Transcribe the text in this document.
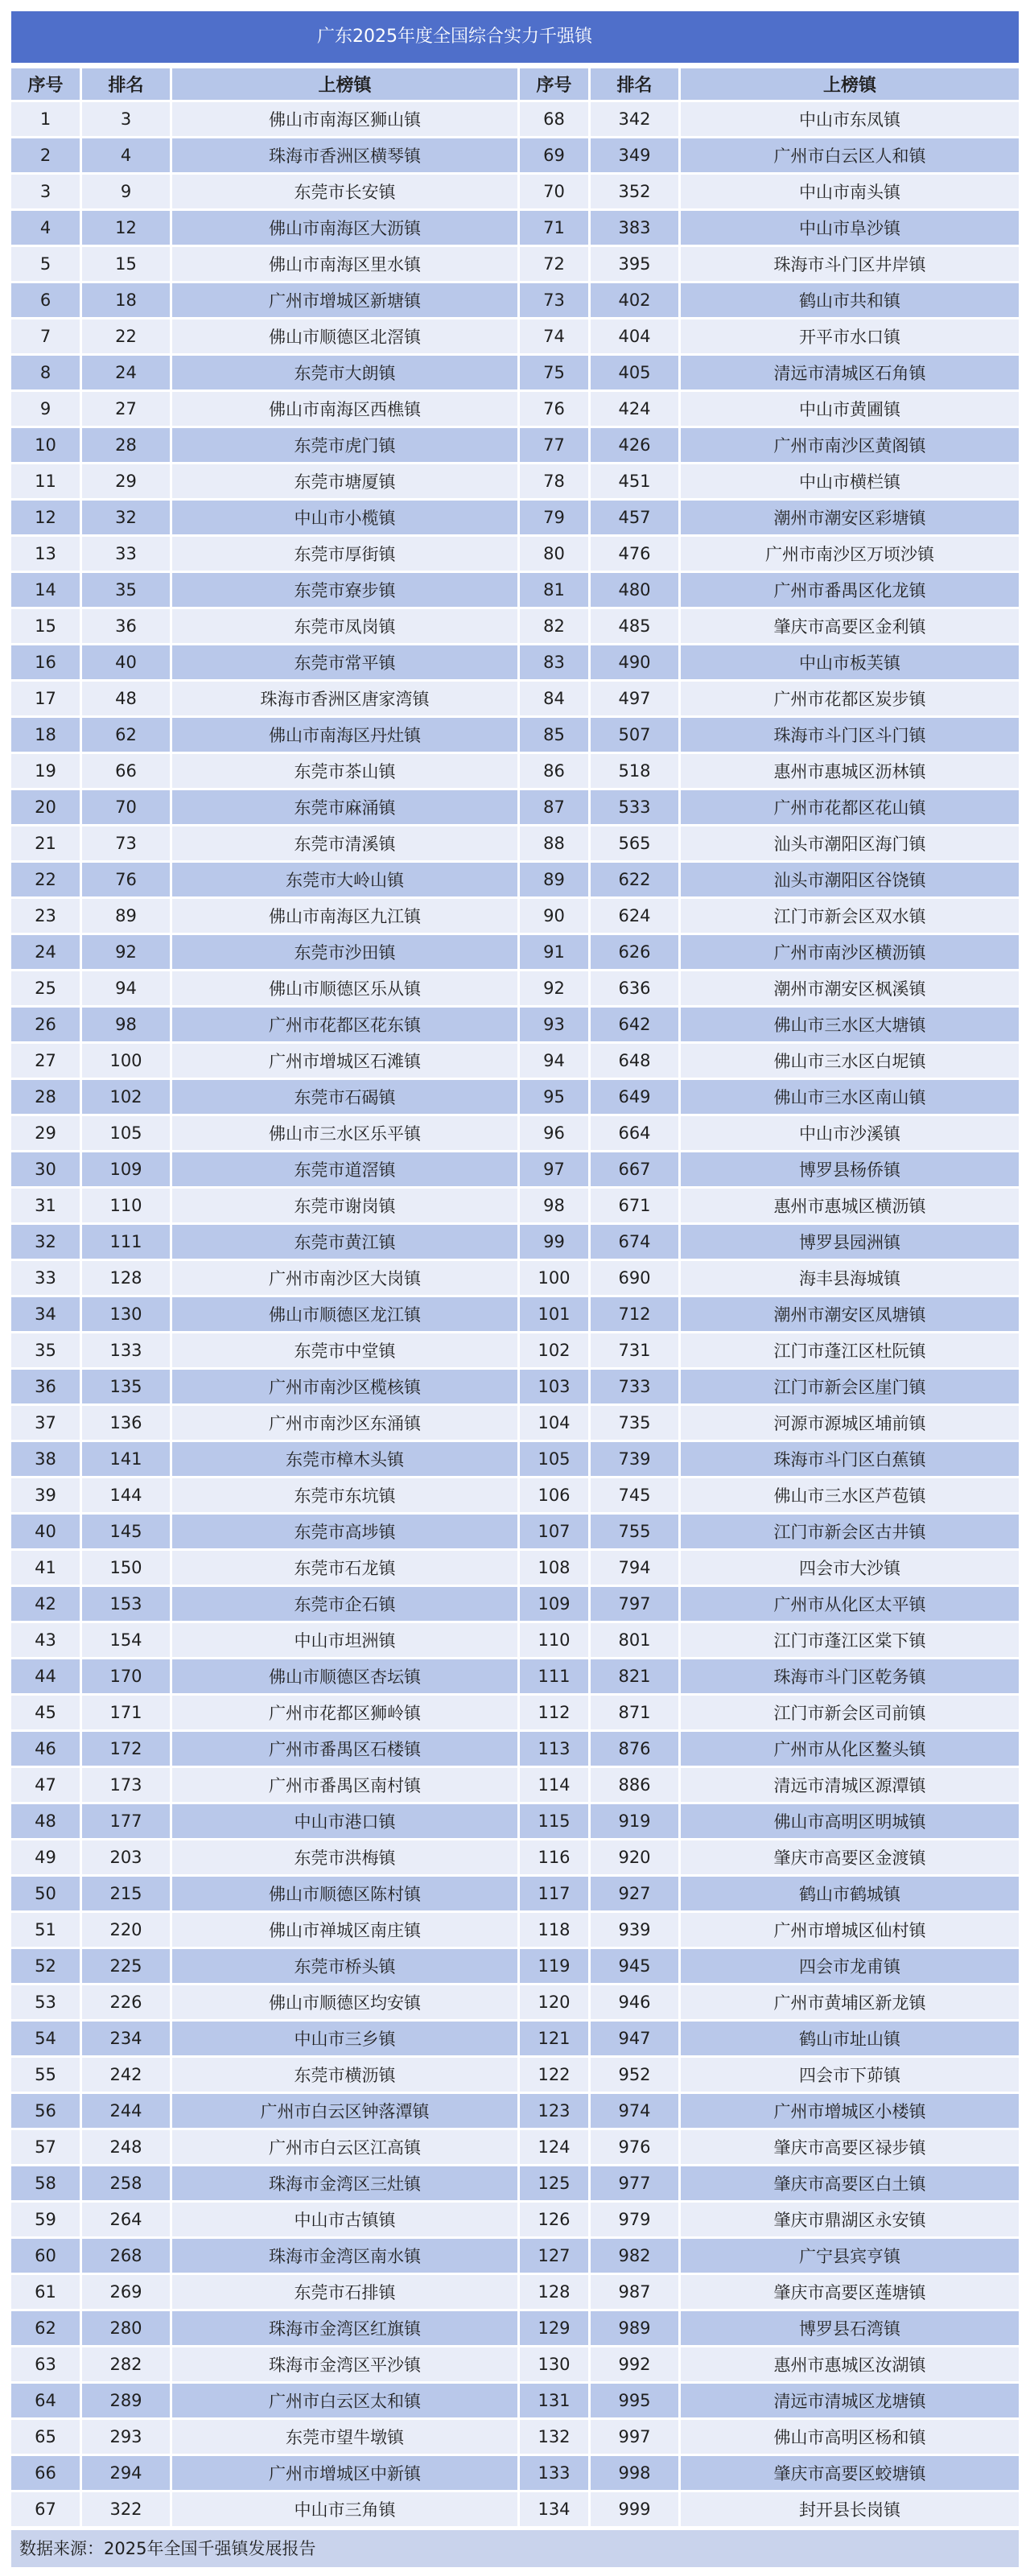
广东2025年度全国综合实力千强镇
序号	排名	上榜镇	序号	排名	上榜镇
1	3	佛山市南海区狮山镇	68	342	中山市东凤镇
2	4	珠海市香洲区横琴镇	69	349	广州市白云区人和镇
3	9	东莞市长安镇	70	352	中山市南头镇
4	12	佛山市南海区大沥镇	71	383	中山市阜沙镇
5	15	佛山市南海区里水镇	72	395	珠海市斗门区井岸镇
6	18	广州市增城区新塘镇	73	402	鹤山市共和镇
7	22	佛山市顺德区北滘镇	74	404	开平市水口镇
8	24	东莞市大朗镇	75	405	清远市清城区石角镇
9	27	佛山市南海区西樵镇	76	424	中山市黄圃镇
10	28	东莞市虎门镇	77	426	广州市南沙区黄阁镇
11	29	东莞市塘厦镇	78	451	中山市横栏镇
12	32	中山市小榄镇	79	457	潮州市潮安区彩塘镇
13	33	东莞市厚街镇	80	476	广州市南沙区万顷沙镇
14	35	东莞市寮步镇	81	480	广州市番禺区化龙镇
15	36	东莞市凤岗镇	82	485	肇庆市高要区金利镇
16	40	东莞市常平镇	83	490	中山市板芙镇
17	48	珠海市香洲区唐家湾镇	84	497	广州市花都区炭步镇
18	62	佛山市南海区丹灶镇	85	507	珠海市斗门区斗门镇
19	66	东莞市茶山镇	86	518	惠州市惠城区沥林镇
20	70	东莞市麻涌镇	87	533	广州市花都区花山镇
21	73	东莞市清溪镇	88	565	汕头市潮阳区海门镇
22	76	东莞市大岭山镇	89	622	汕头市潮阳区谷饶镇
23	89	佛山市南海区九江镇	90	624	江门市新会区双水镇
24	92	东莞市沙田镇	91	626	广州市南沙区横沥镇
25	94	佛山市顺德区乐从镇	92	636	潮州市潮安区枫溪镇
26	98	广州市花都区花东镇	93	642	佛山市三水区大塘镇
27	100	广州市增城区石滩镇	94	648	佛山市三水区白坭镇
28	102	东莞市石碣镇	95	649	佛山市三水区南山镇
29	105	佛山市三水区乐平镇	96	664	中山市沙溪镇
30	109	东莞市道滘镇	97	667	博罗县杨侨镇
31	110	东莞市谢岗镇	98	671	惠州市惠城区横沥镇
32	111	东莞市黄江镇	99	674	博罗县园洲镇
33	128	广州市南沙区大岗镇	100	690	海丰县海城镇
34	130	佛山市顺德区龙江镇	101	712	潮州市潮安区凤塘镇
35	133	东莞市中堂镇	102	731	江门市蓬江区杜阮镇
36	135	广州市南沙区榄核镇	103	733	江门市新会区崖门镇
37	136	广州市南沙区东涌镇	104	735	河源市源城区埔前镇
38	141	东莞市樟木头镇	105	739	珠海市斗门区白蕉镇
39	144	东莞市东坑镇	106	745	佛山市三水区芦苞镇
40	145	东莞市高埗镇	107	755	江门市新会区古井镇
41	150	东莞市石龙镇	108	794	四会市大沙镇
42	153	东莞市企石镇	109	797	广州市从化区太平镇
43	154	中山市坦洲镇	110	801	江门市蓬江区棠下镇
44	170	佛山市顺德区杏坛镇	111	821	珠海市斗门区乾务镇
45	171	广州市花都区狮岭镇	112	871	江门市新会区司前镇
46	172	广州市番禺区石楼镇	113	876	广州市从化区鳌头镇
47	173	广州市番禺区南村镇	114	886	清远市清城区源潭镇
48	177	中山市港口镇	115	919	佛山市高明区明城镇
49	203	东莞市洪梅镇	116	920	肇庆市高要区金渡镇
50	215	佛山市顺德区陈村镇	117	927	鹤山市鹤城镇
51	220	佛山市禅城区南庄镇	118	939	广州市增城区仙村镇
52	225	东莞市桥头镇	119	945	四会市龙甫镇
53	226	佛山市顺德区均安镇	120	946	广州市黄埔区新龙镇
54	234	中山市三乡镇	121	947	鹤山市址山镇
55	242	东莞市横沥镇	122	952	四会市下茆镇
56	244	广州市白云区钟落潭镇	123	974	广州市增城区小楼镇
57	248	广州市白云区江高镇	124	976	肇庆市高要区禄步镇
58	258	珠海市金湾区三灶镇	125	977	肇庆市高要区白土镇
59	264	中山市古镇镇	126	979	肇庆市鼎湖区永安镇
60	268	珠海市金湾区南水镇	127	982	广宁县宾亨镇
61	269	东莞市石排镇	128	987	肇庆市高要区莲塘镇
62	280	珠海市金湾区红旗镇	129	989	博罗县石湾镇
63	282	珠海市金湾区平沙镇	130	992	惠州市惠城区汝湖镇
64	289	广州市白云区太和镇	131	995	清远市清城区龙塘镇
65	293	东莞市望牛墩镇	132	997	佛山市高明区杨和镇
66	294	广州市增城区中新镇	133	998	肇庆市高要区蛟塘镇
67	322	中山市三角镇	134	999	封开县长岗镇
数据来源：2025年全国千强镇发展报告
